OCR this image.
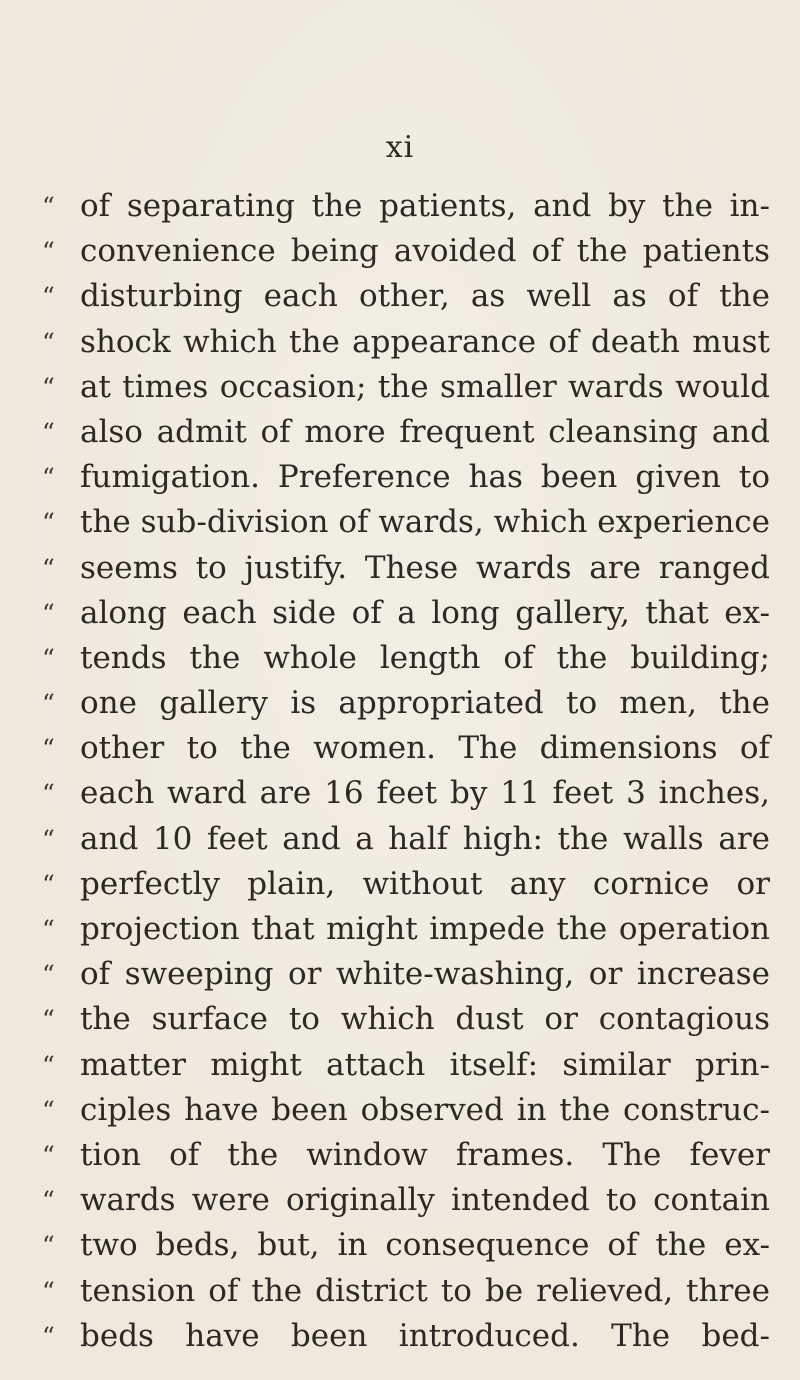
xi
“ of separating the patients, and by the in-
“ convenience being avoided of the patients
“ disturbing each other, as well as of the
“ shock which the appearance of death must
“ at times occasion; the smaller wards would
“ also admit of more frequent cleansing and
“ fumigation. Preference has been given to
“ the sub-division of wards, which experience
“ seems to justify. These wards are ranged
“ along each side of a long gallery, that ex-
“ tends the whole length of the building;
“ one gallery is appropriated to men, the
“ other to the women. The dimensions of
“ each ward are 16 feet by 11 feet 3 inches,
“ and 10 feet and a half high: the walls are
“ perfectly plain, without any cornice or
“ projection that might impede the operation
“ of sweeping or white-washing, or increase
“ the surface to which dust or contagious
“ matter might attach itself: similar prin-
“ ciples have been observed in the construc-
“ tion of the window frames. The fever
“ wards were originally intended to contain
“ two beds, but, in consequence of the ex-
“ tension of the district to be relieved, three
“ beds have been introduced. The bed-
